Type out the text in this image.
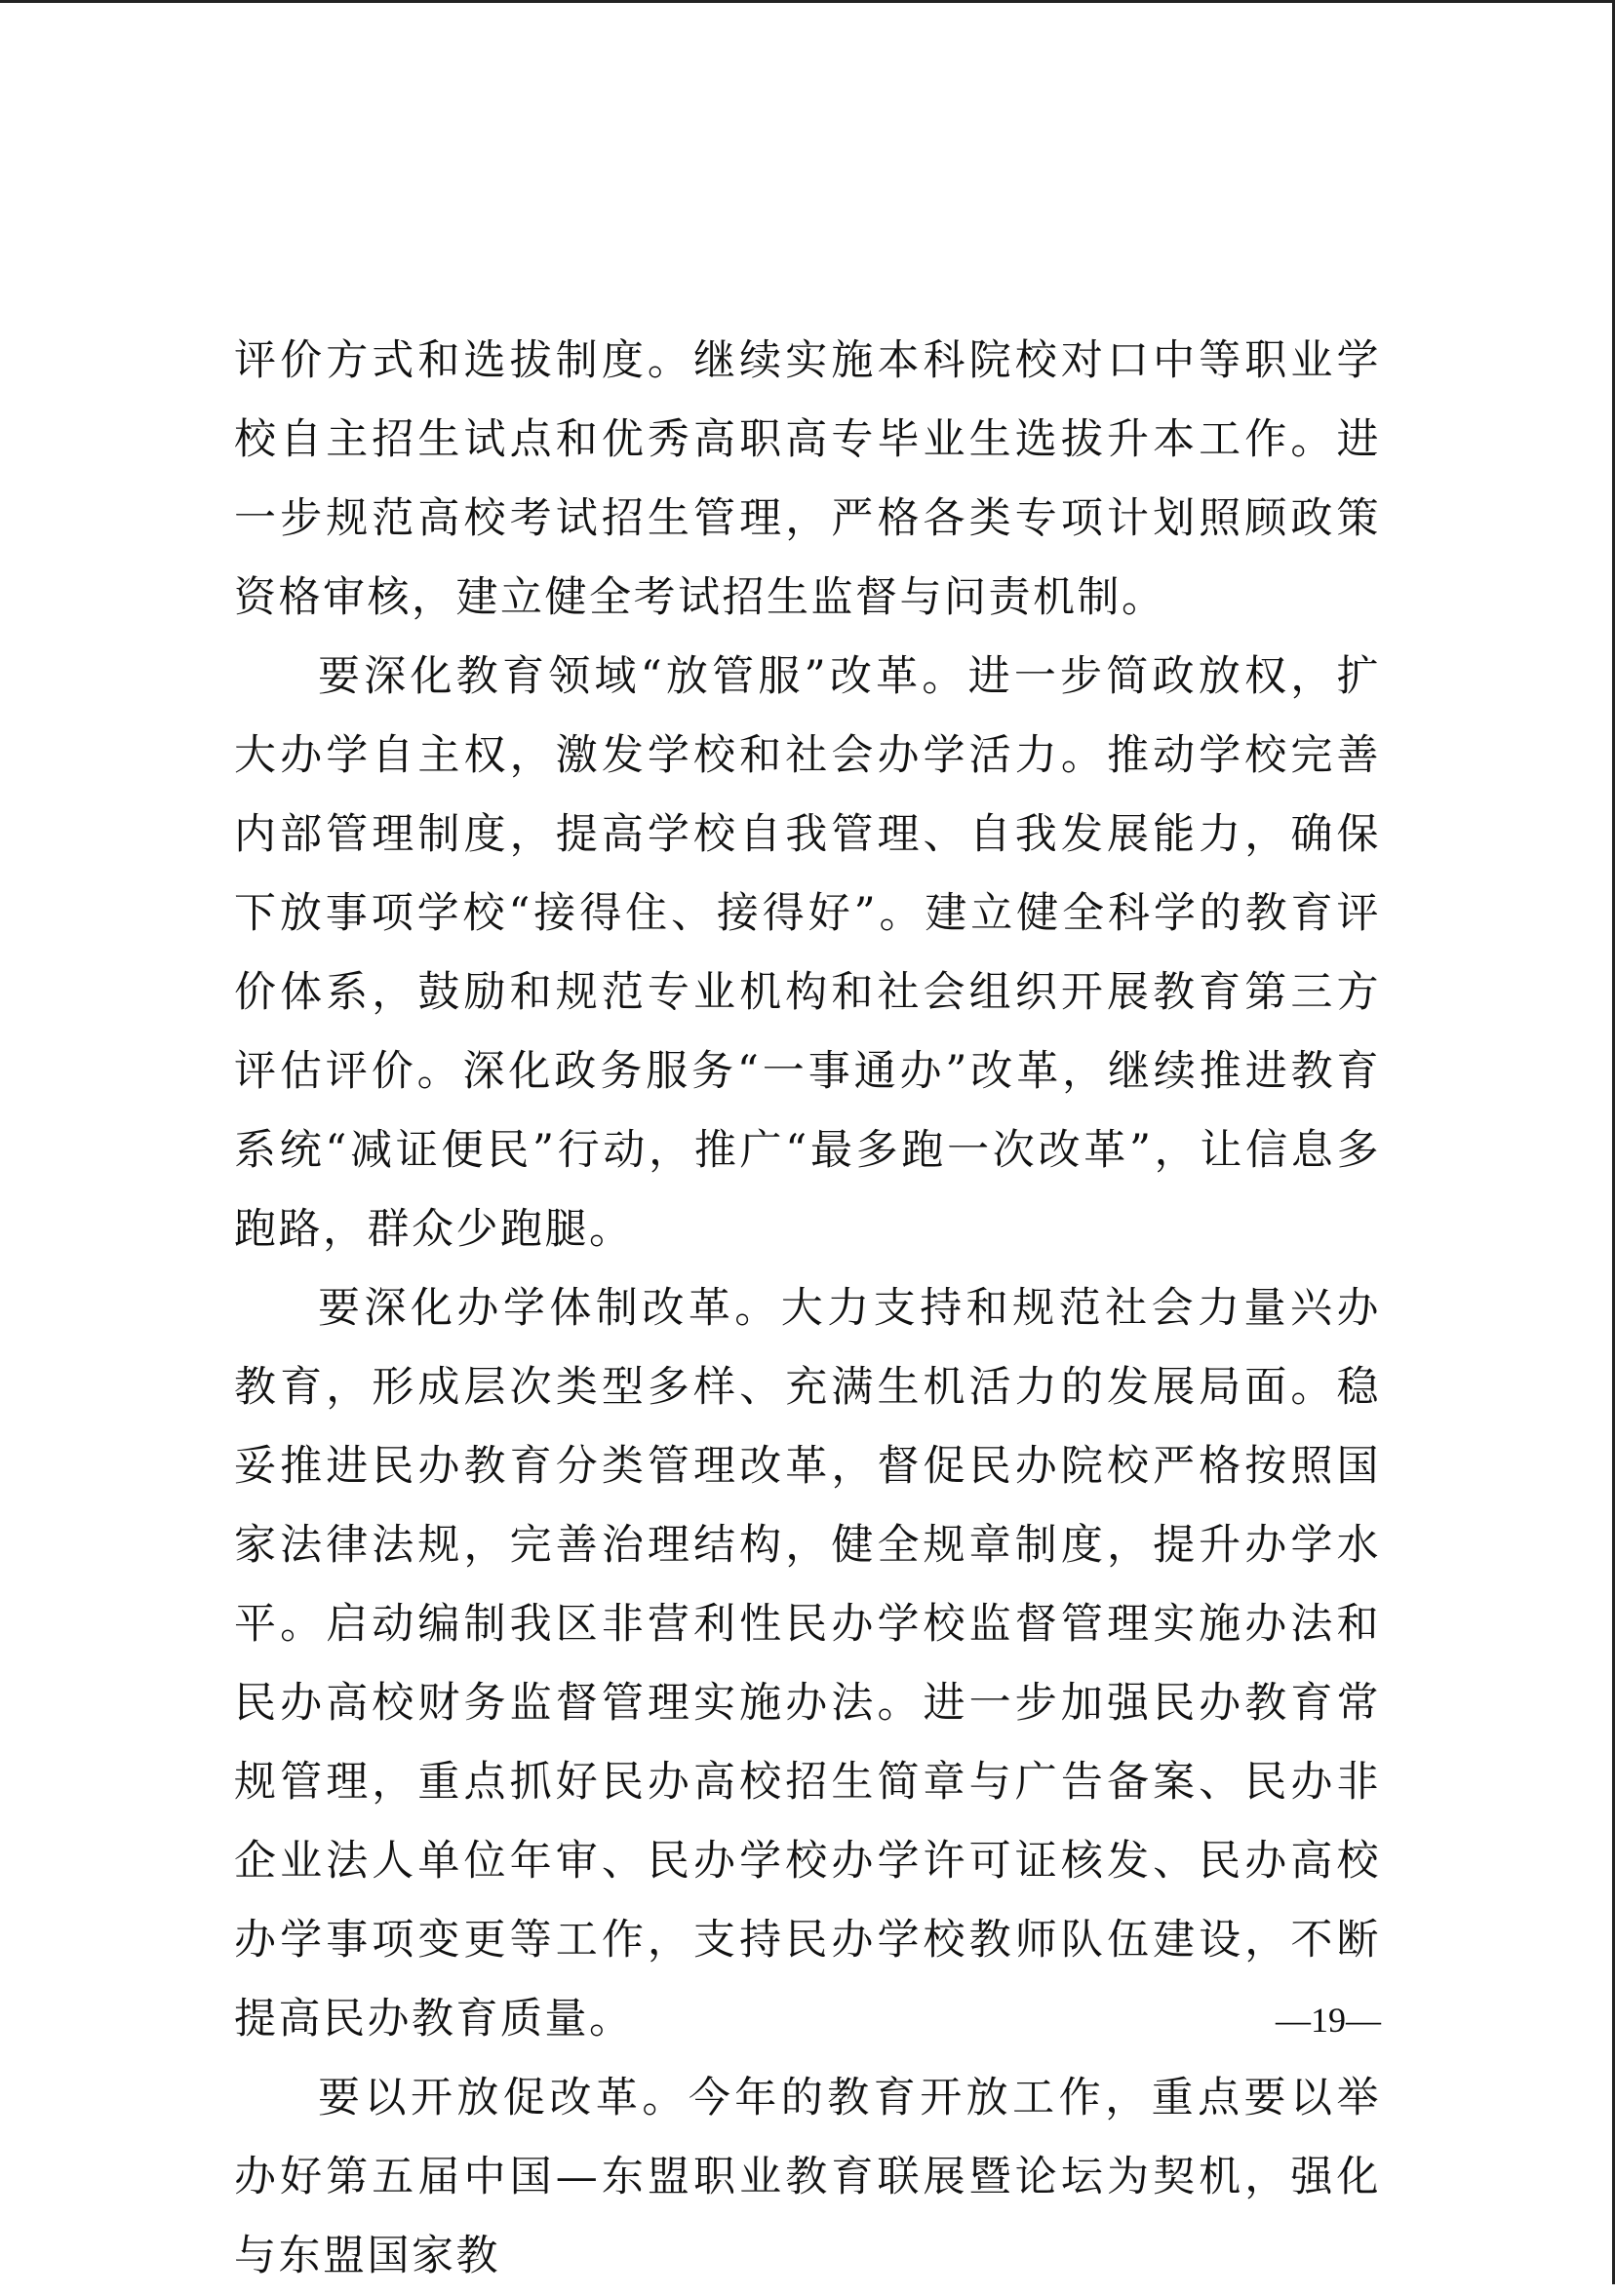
评价方式和选拔制度。继续实施本科院校对口中等职业学校自主招生试点和优秀高职高专毕业生选拔升本工作。进一步规范高校考试招生管理，严格各类专项计划照顾政策资格审核，建立健全考试招生监督与问责机制。

要深化教育领域“放管服”改革。进一步简政放权，扩大办学自主权，激发学校和社会办学活力。推动学校完善内部管理制度，提高学校自我管理、自我发展能力，确保下放事项学校“接得住、接得好”。建立健全科学的教育评价体系，鼓励和规范专业机构和社会组织开展教育第三方评估评价。深化政务服务“一事通办”改革，继续推进教育系统“减证便民”行动，推广“最多跑一次改革”，让信息多跑路，群众少跑腿。

要深化办学体制改革。大力支持和规范社会力量兴办教育，形成层次类型多样、充满生机活力的发展局面。稳妥推进民办教育分类管理改革，督促民办院校严格按照国家法律法规，完善治理结构，健全规章制度，提升办学水平。启动编制我区非营利性民办学校监督管理实施办法和民办高校财务监督管理实施办法。进一步加强民办教育常规管理，重点抓好民办高校招生简章与广告备案、民办非企业法人单位年审、民办学校办学许可证核发、民办高校办学事项变更等工作，支持民办学校教师队伍建设，不断提高民办教育质量。

要以开放促改革。今年的教育开放工作，重点要以举办好第五届中国—东盟职业教育联展暨论坛为契机，强化与东盟国家教

—19—
